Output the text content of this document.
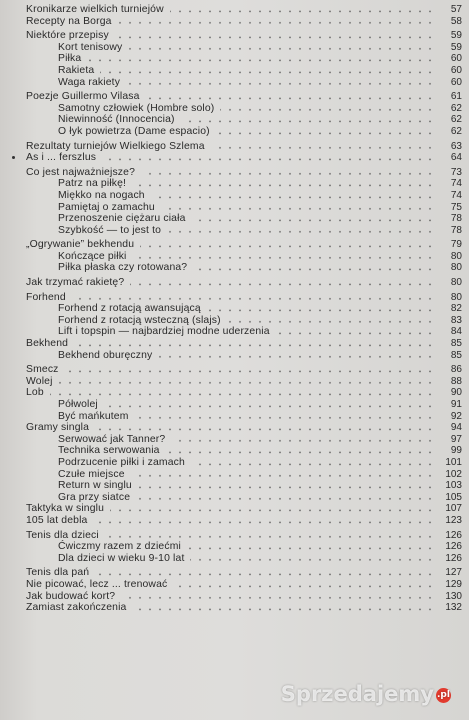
Kronikarze wielkich turniejów	57
Recepty na Borga	58
Niektóre przepisy	59
Kort tenisowy	59
Piłka	60
Rakieta	60
Waga rakiety	60
Poezje Guillermo Vilasa	61
Samotny człowiek (Hombre solo)	62
Niewinność (Innocencia)	62
O łyk powietrza (Dame espacio)	62
Rezultaty turniejów Wielkiego Szlema	63
As i ... ferszlus	64
Co jest najważniejsze?	73
Patrz na piłkę!	74
Miękko na nogach	74
Pamiętaj o zamachu	75
Przenoszenie ciężaru ciała	78
Szybkość — to jest to	78
„Ogrywanie” bekhendu	79
Kończące piłki	80
Piłka płaska czy rotowana?	80
Jak trzymać rakietę?	80
Forhend	80
Forhend z rotacją awansującą	82
Forhend z rotacją wsteczną (slajs)	83
Lift i topspin — najbardziej modne uderzenia	84
Bekhend	85
Bekhend oburęczny	85
Smecz	86
Wolej	88
Lob	90
Półwolej	91
Być mańkutem	92
Gramy singla	94
Serwować jak Tanner?	97
Technika serwowania	99
Podrzucenie piłki i zamach	101
Czułe miejsce	102
Return w singlu	103
Gra przy siatce	105
Taktyka w singlu	107
105 lat debla	123
Tenis dla dzieci	126
Ćwiczmy razem z dziećmi	126
Dla dzieci w wieku 9-10 lat	126
Tenis dla pań	127
Nie picować, lecz ... trenować	129
Jak budować kort?	130
Zamiast zakończenia	132
Sprzedajemy .pl
